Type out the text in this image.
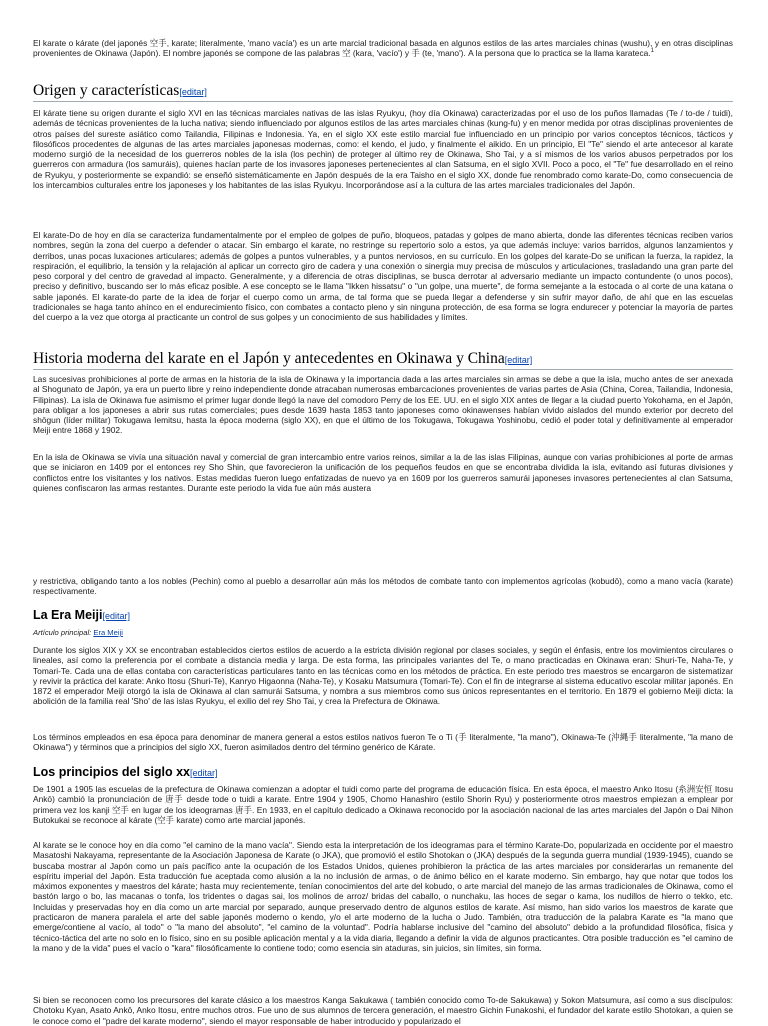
El karate o kárate (del japonés 空手, karate; literalmente, 'mano vacía') es un arte marcial tradicional basada en algunos estilos de las artes marciales chinas (wushu), y en otras disciplinas provenientes de Okinawa (Japón). El nombre japonés se compone de las palabras 空 (kara, 'vacío') y 手 (te, 'mano'). A la persona que lo practica se la llama karateca.$^1$

Origen y características[editar]

El kárate tiene su origen durante el siglo XVI en las técnicas marciales nativas de las islas Ryukyu, (hoy día Okinawa) caracterizadas por el uso de los puños llamadas (Te / to-de / tuidi), además de técnicas provenientes de la lucha nativa; siendo influenciado por algunos estilos de las artes marciales chinas (kung-fu) y en menor medida por otras disciplinas provenientes de otros países del sureste asiático como Tailandia, Filipinas e Indonesia. Ya, en el siglo XX este estilo marcial fue influenciado en un principio por varios conceptos técnicos, tácticos y filosóficos procedentes de algunas de las artes marciales japonesas modernas, como: el kendo, el judo, y finalmente el aikido. En un principio, El "Te" siendo el arte antecesor al karate moderno surgió de la necesidad de los guerreros nobles de la isla (los pechin) de proteger al último rey de Okinawa, Sho Tai, y a sí mismos de los varios abusos perpetrados por los guerreros con armadura (los samuráis), quienes hacían parte de los invasores japoneses pertenecientes al clan Satsuma, en el siglo XVII. Poco a poco, el "Te" fue desarrollado en el reino de Ryukyu, y posteriormente se expandió: se enseñó sistemáticamente en Japón después de la era Taisho en el siglo XX, donde fue renombrado como karate-Do, como consecuencia de los intercambios culturales entre los japoneses y los habitantes de las islas Ryukyu. Incorporándose así a la cultura de las artes marciales tradicionales del Japón.

El karate-Do de hoy en día se caracteriza fundamentalmente por el empleo de golpes de puño, bloqueos, patadas y golpes de mano abierta, donde las diferentes técnicas reciben varios nombres, según la zona del cuerpo a defender o atacar. Sin embargo el karate, no restringe su repertorio solo a estos, ya que además incluye: varios barridos, algunos lanzamientos y derribos, unas pocas luxaciones articulares; además de golpes a puntos vulnerables, y a puntos nerviosos, en su currículo. En los golpes del karate-Do se unifican la fuerza, la rapidez, la respiración, el equilibrio, la tensión y la relajación al aplicar un correcto giro de cadera y una conexión o sinergia muy precisa de músculos y articulaciones, trasladando una gran parte del peso corporal y del centro de gravedad al impacto. Generalmente, y a diferencia de otras disciplinas, se busca derrotar al adversario mediante un impacto contundente (o unos pocos), preciso y definitivo, buscando ser lo más eficaz posible. A ese concepto se le llama "Ikken hissatsu" o "un golpe, una muerte", de forma semejante a la estocada o al corte de una katana o sable japonés. El karate-do parte de la idea de forjar el cuerpo como un arma, de tal forma que se pueda llegar a defenderse y sin sufrir mayor daño, de ahí que en las escuelas tradicionales se haga tanto ahínco en el endurecimiento físico, con combates a contacto pleno y sin ninguna protección, de esa forma se logra endurecer y potenciar la mayoría de partes del cuerpo a la vez que otorga al practicante un control de sus golpes y un conocimiento de sus habilidades y límites.

Historia moderna del karate en el Japón y antecedentes en Okinawa y China[editar]

Las sucesivas prohibiciones al porte de armas en la historia de la isla de Okinawa y la importancia dada a las artes marciales sin armas se debe a que la isla, mucho antes de ser anexada al Shogunato de Japón, ya era un puerto libre y reino independiente donde atracaban numerosas embarcaciones provenientes de varias partes de Asia (China, Corea, Tailandia, Indonesia, Filipinas). La isla de Okinawa fue asimismo el primer lugar donde llegó la nave del comodoro Perry de los EE. UU. en el siglo XIX antes de llegar a la ciudad puerto Yokohama, en el Japón, para obligar a los japoneses a abrir sus rutas comerciales; pues desde 1639 hasta 1853 tanto japoneses como okinawenses habían vivido aislados del mundo exterior por decreto del shōgun (líder militar) Tokugawa Iemitsu, hasta la época moderna (siglo XX), en que el último de los Tokugawa, Tokugawa Yoshinobu, cedió el poder total y definitivamente al emperador Meiji entre 1868 y 1902.

En la isla de Okinawa se vivía una situación naval y comercial de gran intercambio entre varios reinos, similar a la de las islas Filipinas, aunque con varias prohibiciones al porte de armas que se iniciaron en 1409 por el entonces rey Sho Shin, que favorecieron la unificación de los pequeños feudos en que se encontraba dividida la isla, evitando así futuras divisiones y conflictos entre los visitantes y los nativos. Estas medidas fueron luego enfatizadas de nuevo ya en 1609 por los guerreros samurái japoneses invasores pertenecientes al clan Satsuma, quienes confiscaron las armas restantes. Durante este periodo la vida fue aún más austera

y restrictiva, obligando tanto a los nobles (Pechin) como al pueblo a desarrollar aún más los métodos de combate tanto con implementos agrícolas (kobudō), como a mano vacía (karate) respectivamente.

La Era Meiji[editar]

Artículo principal: Era Meiji

Durante los siglos XIX y XX se encontraban establecidos ciertos estilos de acuerdo a la estricta división regional por clases sociales, y según el énfasis, entre los movimientos circulares o lineales, así como la preferencia por el combate a distancia media y larga. De esta forma, las principales variantes del Te, o mano practicadas en Okinawa eran: Shuri-Te, Naha-Te, y Tomari-Te. Cada una de ellas contaba con características particulares tanto en las técnicas como en los métodos de práctica. En este periodo tres maestros se encargaron de sistematizar y revivir la práctica del karate: Anko Itosu (Shuri-Te), Kanryo Higaonna (Naha-Te), y Kosaku Matsumura (Tomari-Te). Con el fin de integrarse al sistema educativo escolar militar japonés. En 1872 el emperador Meiji otorgó la isla de Okinawa al clan samurái Satsuma, y nombra a sus miembros como sus únicos representantes en el territorio. En 1879 el gobierno Meiji dicta: la abolición de la familia real 'Sho' de las islas Ryukyu, el exilio del rey Sho Tai, y crea la Prefectura de Okinawa.

Los términos empleados en esa época para denominar de manera general a estos estilos nativos fueron Te o Ti (手 literalmente, "la mano"), Okinawa-Te (沖縄手 literalmente, "la mano de Okinawa") y términos que a principios del siglo XX, fueron asimilados dentro del término genérico de Kárate.

Los principios del siglo xx[editar]

De 1901 a 1905 las escuelas de la prefectura de Okinawa comienzan a adoptar el tuidi como parte del programa de educación física. En esta época, el maestro Anko Itosu (糸洲安恒 Itosu Ankō) cambió la pronunciación de 唐手 desde tode o tuidi a karate. Entre 1904 y 1905, Chomo Hanashiro (estilo Shorin Ryu) y posteriormente otros maestros empiezan a emplear por primera vez los kanji 空手 en lugar de los ideogramas 唐手. En 1933, en el capítulo dedicado a Okinawa reconocido por la asociación nacional de las artes marciales del Japón o Dai Nihon Butokukai se reconoce al kárate (空手 karate) como arte marcial japonés.

Al karate se le conoce hoy en día como "el camino de la mano vacía". Siendo esta la interpretación de los ideogramas para el término Karate-Do, popularizada en occidente por el maestro Masatoshi Nakayama, representante de la Asociación Japonesa de Karate (o JKA), que promovió el estilo Shotokan o (JKA) después de la segunda guerra mundial (1939-1945), cuando se buscaba mostrar al Japón como un país pacífico ante la ocupación de los Estados Unidos, quienes prohibieron la práctica de las artes marciales por considerarlas un remanente del espíritu imperial del Japón. Esta traducción fue aceptada como alusión a la no inclusión de armas, o de ánimo bélico en el karate moderno. Sin embargo, hay que notar que todos los máximos exponentes y maestros del kárate; hasta muy recientemente, tenían conocimientos del arte del kobudo, o arte marcial del manejo de las armas tradicionales de Okinawa, como el bastón largo o bo, las macanas o tonfa, los tridentes o dagas sai, los molinos de arroz/ bridas del caballo, o nunchaku, las hoces de segar o kama, los nudillos de hierro o tekko, etc. Incluidas y preservadas hoy en día como un arte marcial por separado, aunque preservado dentro de algunos estilos de karate. Así mismo, han sido varios los maestros de karate que practicaron de manera paralela el arte del sable japonés moderno o kendo, y/o el arte moderno de la lucha o Judo. También, otra traducción de la palabra Karate es "la mano que emerge/contiene al vacío, al todo" o "la mano del absoluto", "el camino de la voluntad". Podría hablarse inclusive del "camino del absoluto" debido a la profundidad filosófica, física y técnico-táctica del arte no solo en lo físico, sino en su posible aplicación mental y a la vida diaria, llegando a definir la vida de algunos practicantes. Otra posible traducción es "el camino de la mano y de la vida" pues el vacío o "kara" filosóficamente lo contiene todo; como esencia sin ataduras, sin juicios, sin límites, sin forma.

Si bien se reconocen como los precursores del karate clásico a los maestros Kanga Sakukawa ( también conocido como To-de Sakukawa) y Sokon Matsumura, así como a sus discípulos: Chotoku Kyan, Asato Ankō, Anko Itosu, entre muchos otros. Fue uno de sus alumnos de tercera generación, el maestro Gichin Funakoshi, el fundador del karate estilo Shotokan, a quien se le conoce como el "padre del karate moderno", siendo el mayor responsable de haber introducido y popularizado el
